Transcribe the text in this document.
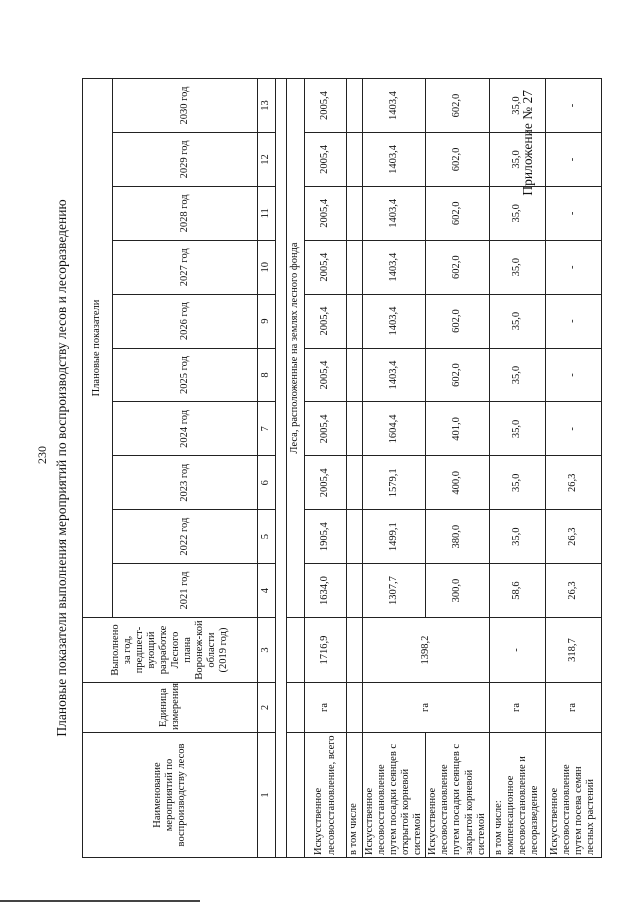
230 Плановые показатели выполнения мероприятий по воспроизводству лесов и лесоразведению
Приложение № 27
Наименование мероприятий по воспроизводству лесов	Единица измерения	Выполнено за год, предшест-вующий разработке Лесного плана Воронеж-кой области (2019 год)	Плановые показатели									
			2021 год	2022 год	2023 год	2024 год	2025 год	2026 год	2027 год	2028 год	2029 год	2030 год
1	2	3	4	5	6	7	8	9	10	11	12	13

			Леса, расположенные на землях лесного фонда									
Искусственное лесовосстановление, всего	га	1716,9	1634,0	1905,4	2005,4	2005,4	2005,4	2005,4	2005,4	2005,4	2005,4	2005,4
в том числе												
Искусственное лесовосстановление путем посадки сеянцев с открытой корневой системой	га	1398,2	1307,7	1499,1	1579,1	1604,4	1403,4	1403,4	1403,4	1403,4	1403,4	1403,4
Искусственное лесовосстановление путем посадки сеянцев с закрытой корневой системой			300,0	380,0	400,0	401,0	602,0	602,0	602,0	602,0	602,0	602,0
в том числе: компенсационное лесовосстановление и лесоразведение	га	-	58,6	35,0	35,0	35,0	35,0	35,0	35,0	35,0	35,0	35,0
Искусственное лесовосстановление путем посева семян лесных растений	га	318,7	26,3	26,3	26,3	-	-	-	-	-	-	-
